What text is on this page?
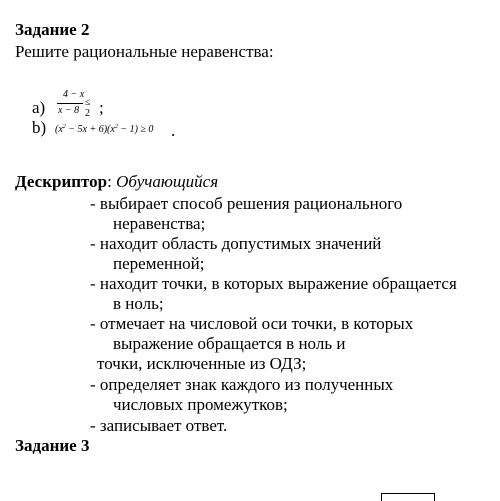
Задание 2
Решите рациональные неравенства:
а)
4 − x
x − 8
≤ 2 ;
b) $(x^2 - 5x + 6)(x^2 - 1) \ge 0$ .
Дескриптор: Обучающийся
- выбирает способ решения рационального
неравенства;
- находит область допустимых значений
переменной;
- находит точки, в которых выражение обращается
в ноль;
- отмечает на числовой оси точки, в которых
выражение обращается в ноль и
точки, исключенные из ОДЗ;
- определяет знак каждого из полученных
числовых промежутков;
- записывает ответ.
Задание 3
